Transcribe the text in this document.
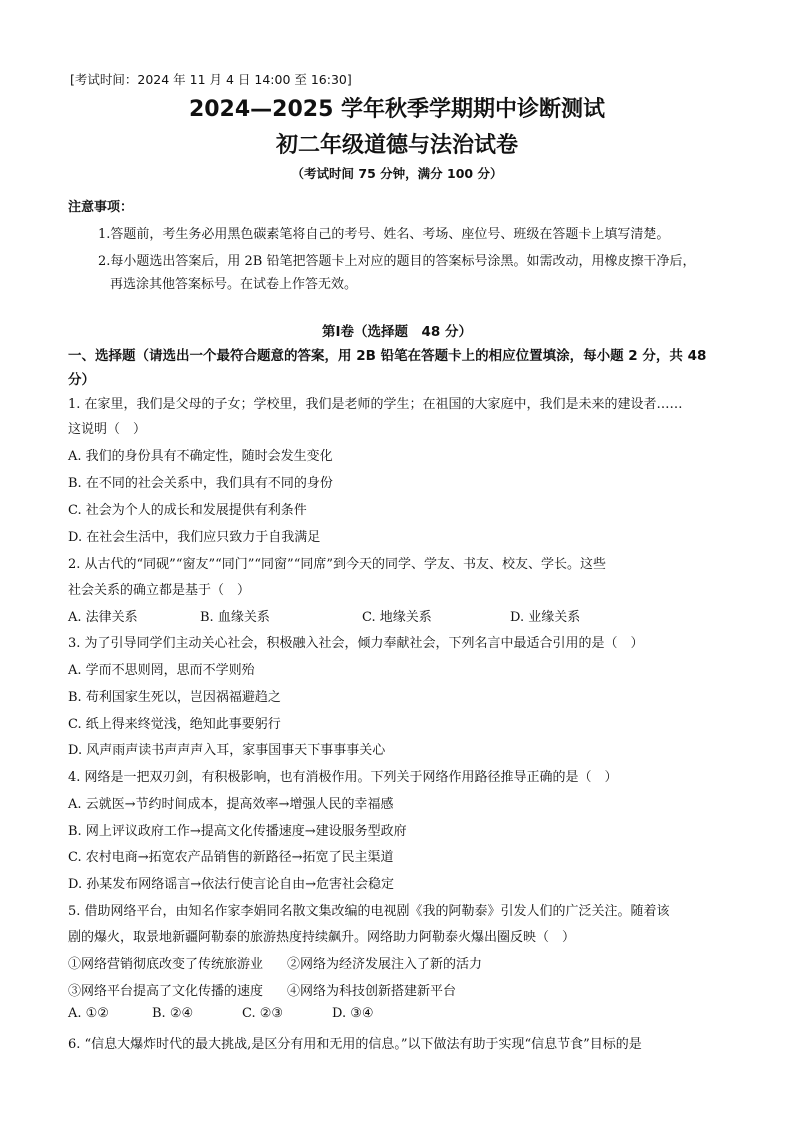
[考试时间：2024 年 11 月 4 日 14:00 至 16:30]
2024—2025 学年秋季学期期中诊断测试
初二年级道德与法治试卷
（考试时间 75 分钟，满分 100 分）
注意事项：
1.答题前，考生务必用黑色碳素笔将自己的考号、姓名、考场、座位号、班级在答题卡上填写清楚。
2.每小题选出答案后，用 2B 铅笔把答题卡上对应的题目的答案标号涂黑。如需改动，用橡皮擦干净后，
再选涂其他答案标号。在试卷上作答无效。
第Ⅰ卷（选择题　48 分）
一、选择题（请选出一个最符合题意的答案，用 2B 铅笔在答题卡上的相应位置填涂，每小题 2 分，共 48 分）
1. 在家里，我们是父母的子女；学校里，我们是老师的学生；在祖国的大家庭中，我们是未来的建设者……
这说明（　）
A. 我们的身份具有不确定性，随时会发生变化
B. 在不同的社会关系中，我们具有不同的身份
C. 社会为个人的成长和发展提供有利条件
D. 在社会生活中，我们应只致力于自我满足
2. 从古代的“同砚”“窗友”“同门”“同窗”“同席”到今天的同学、学友、书友、校友、学长。这些
社会关系的确立都是基于（　）
A. 法律关系	B. 血缘关系	C. 地缘关系	D. 业缘关系
3. 为了引导同学们主动关心社会，积极融入社会，倾力奉献社会，下列名言中最适合引用的是（　）
A. 学而不思则罔，思而不学则殆
B. 苟利国家生死以，岂因祸福避趋之
C. 纸上得来终觉浅，绝知此事要躬行
D. 风声雨声读书声声声入耳，家事国事天下事事事关心
4. 网络是一把双刃剑，有积极影响，也有消极作用。下列关于网络作用路径推导正确的是（　）
A. 云就医→节约时间成本，提高效率→增强人民的幸福感
B. 网上评议政府工作→提高文化传播速度→建设服务型政府
C. 农村电商→拓宽农产品销售的新路径→拓宽了民主渠道
D. 孙某发布网络谣言→依法行使言论自由→危害社会稳定
5. 借助网络平台，由知名作家李娟同名散文集改编的电视剧《我的阿勒泰》引发人们的广泛关注。随着该
剧的爆火，取景地新疆阿勒泰的旅游热度持续飙升。网络助力阿勒泰火爆出圈反映（　）
①网络营销彻底改变了传统旅游业 ②网络为经济发展注入了新的活力
③网络平台提高了文化传播的速度 ④网络为科技创新搭建新平台
A. ①②	B. ②④	C. ②③	D. ③④
6. “信息大爆炸时代的最大挑战,是区分有用和无用的信息。”以下做法有助于实现“信息节食”目标的是
